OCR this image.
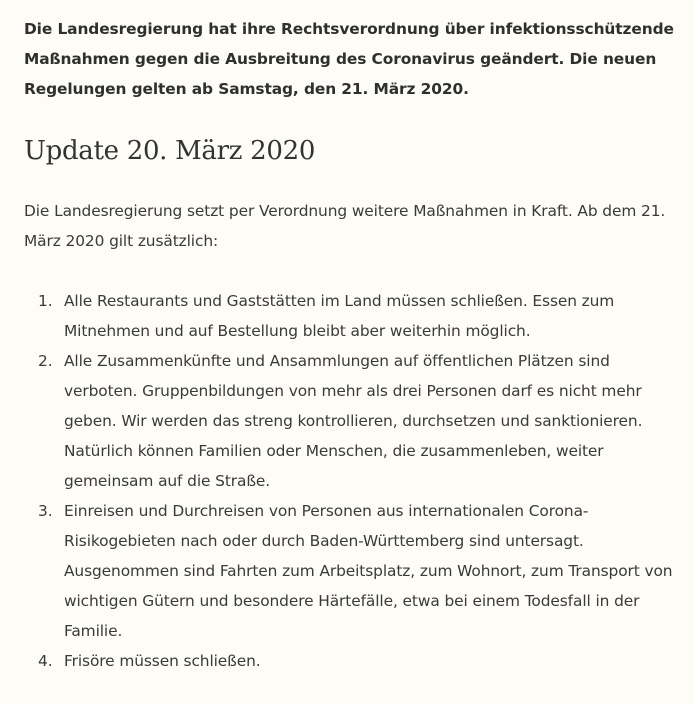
Die Landesregierung hat ihre Rechtsverordnung über infektionsschützende Maßnahmen gegen die Ausbreitung des Coronavirus geändert. Die neuen Regelungen gelten ab Samstag, den 21. März 2020.

Update 20. März 2020

Die Landesregierung setzt per Verordnung weitere Maßnahmen in Kraft. Ab dem 21. März 2020 gilt zusätzlich:

1. Alle Restaurants und Gaststätten im Land müssen schließen. Essen zum Mitnehmen und auf Bestellung bleibt aber weiterhin möglich.
2. Alle Zusammenkünfte und Ansammlungen auf öffentlichen Plätzen sind verboten. Gruppenbildungen von mehr als drei Personen darf es nicht mehr geben. Wir werden das streng kontrollieren, durchsetzen und sanktionieren. Natürlich können Familien oder Menschen, die zusammenleben, weiter gemeinsam auf die Straße.
3. Einreisen und Durchreisen von Personen aus internationalen Corona-Risikogebieten nach oder durch Baden-Württemberg sind untersagt. Ausgenommen sind Fahrten zum Arbeitsplatz, zum Wohnort, zum Transport von wichtigen Gütern und besondere Härtefälle, etwa bei einem Todesfall in der Familie.
4. Frisöre müssen schließen.
